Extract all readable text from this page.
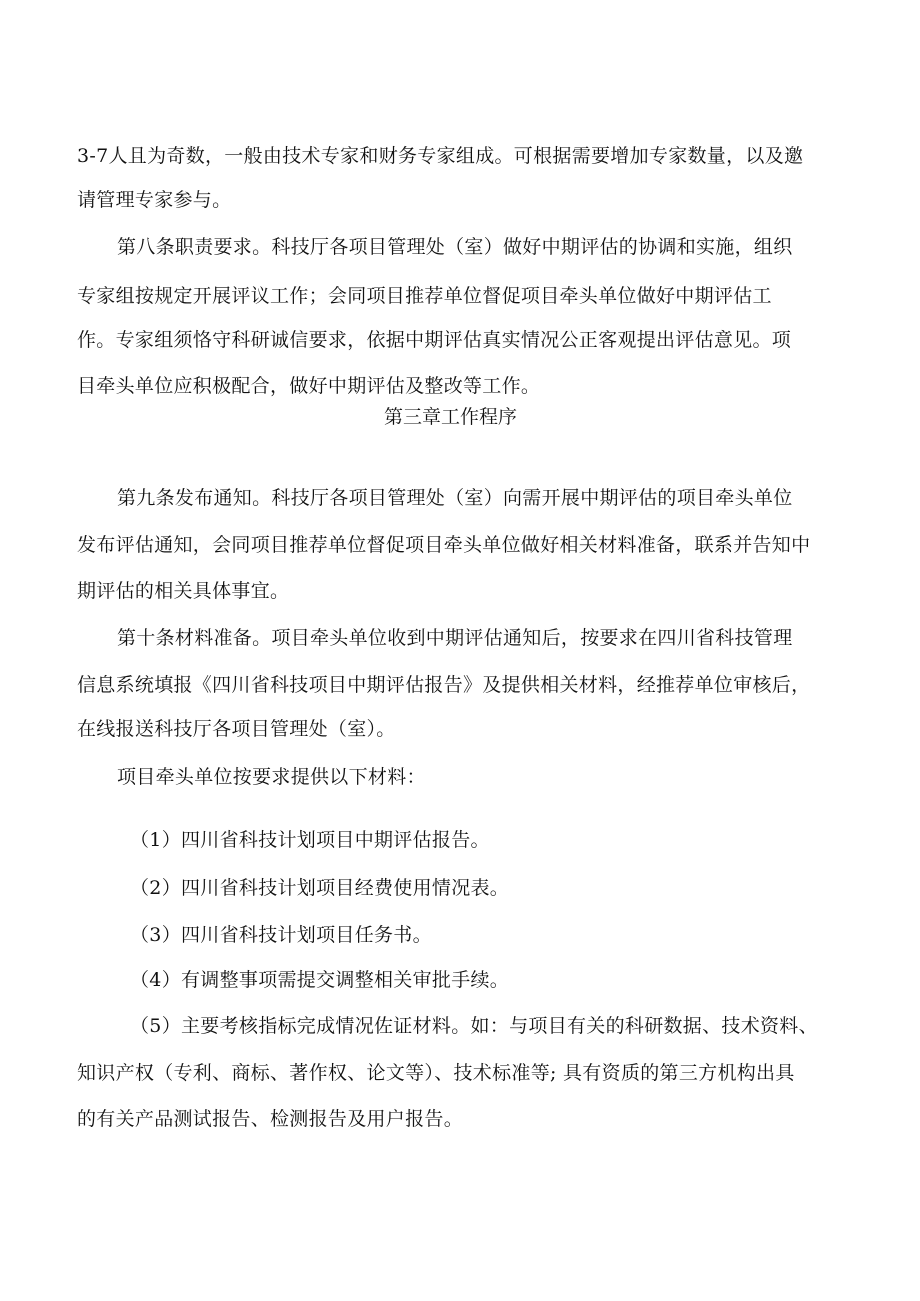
3-7人且为奇数，一般由技术专家和财务专家组成。可根据需要增加专家数量，以及邀
请管理专家参与。
第八条职责要求。科技厅各项目管理处（室）做好中期评估的协调和实施，组织
专家组按规定开展评议工作；会同项目推荐单位督促项目牵头单位做好中期评估工
作。专家组须恪守科研诚信要求，依据中期评估真实情况公正客观提出评估意见。项
目牵头单位应积极配合，做好中期评估及整改等工作。
第三章工作程序
第九条发布通知。科技厅各项目管理处（室）向需开展中期评估的项目牵头单位
发布评估通知，会同项目推荐单位督促项目牵头单位做好相关材料准备，联系并告知中
期评估的相关具体事宜。
第十条材料准备。项目牵头单位收到中期评估通知后，按要求在四川省科技管理
信息系统填报《四川省科技项目中期评估报告》及提供相关材料，经推荐单位审核后，
在线报送科技厅各项目管理处（室）。
项目牵头单位按要求提供以下材料：
（1）四川省科技计划项目中期评估报告。
（2）四川省科技计划项目经费使用情况表。
（3）四川省科技计划项目任务书。
（4）有调整事项需提交调整相关审批手续。
（5）主要考核指标完成情况佐证材料。如：与项目有关的科研数据、技术资料、
知识产权（专利、商标、著作权、论文等）、技术标准等; 具有资质的第三方机构出具
的有关产品测试报告、检测报告及用户报告。
